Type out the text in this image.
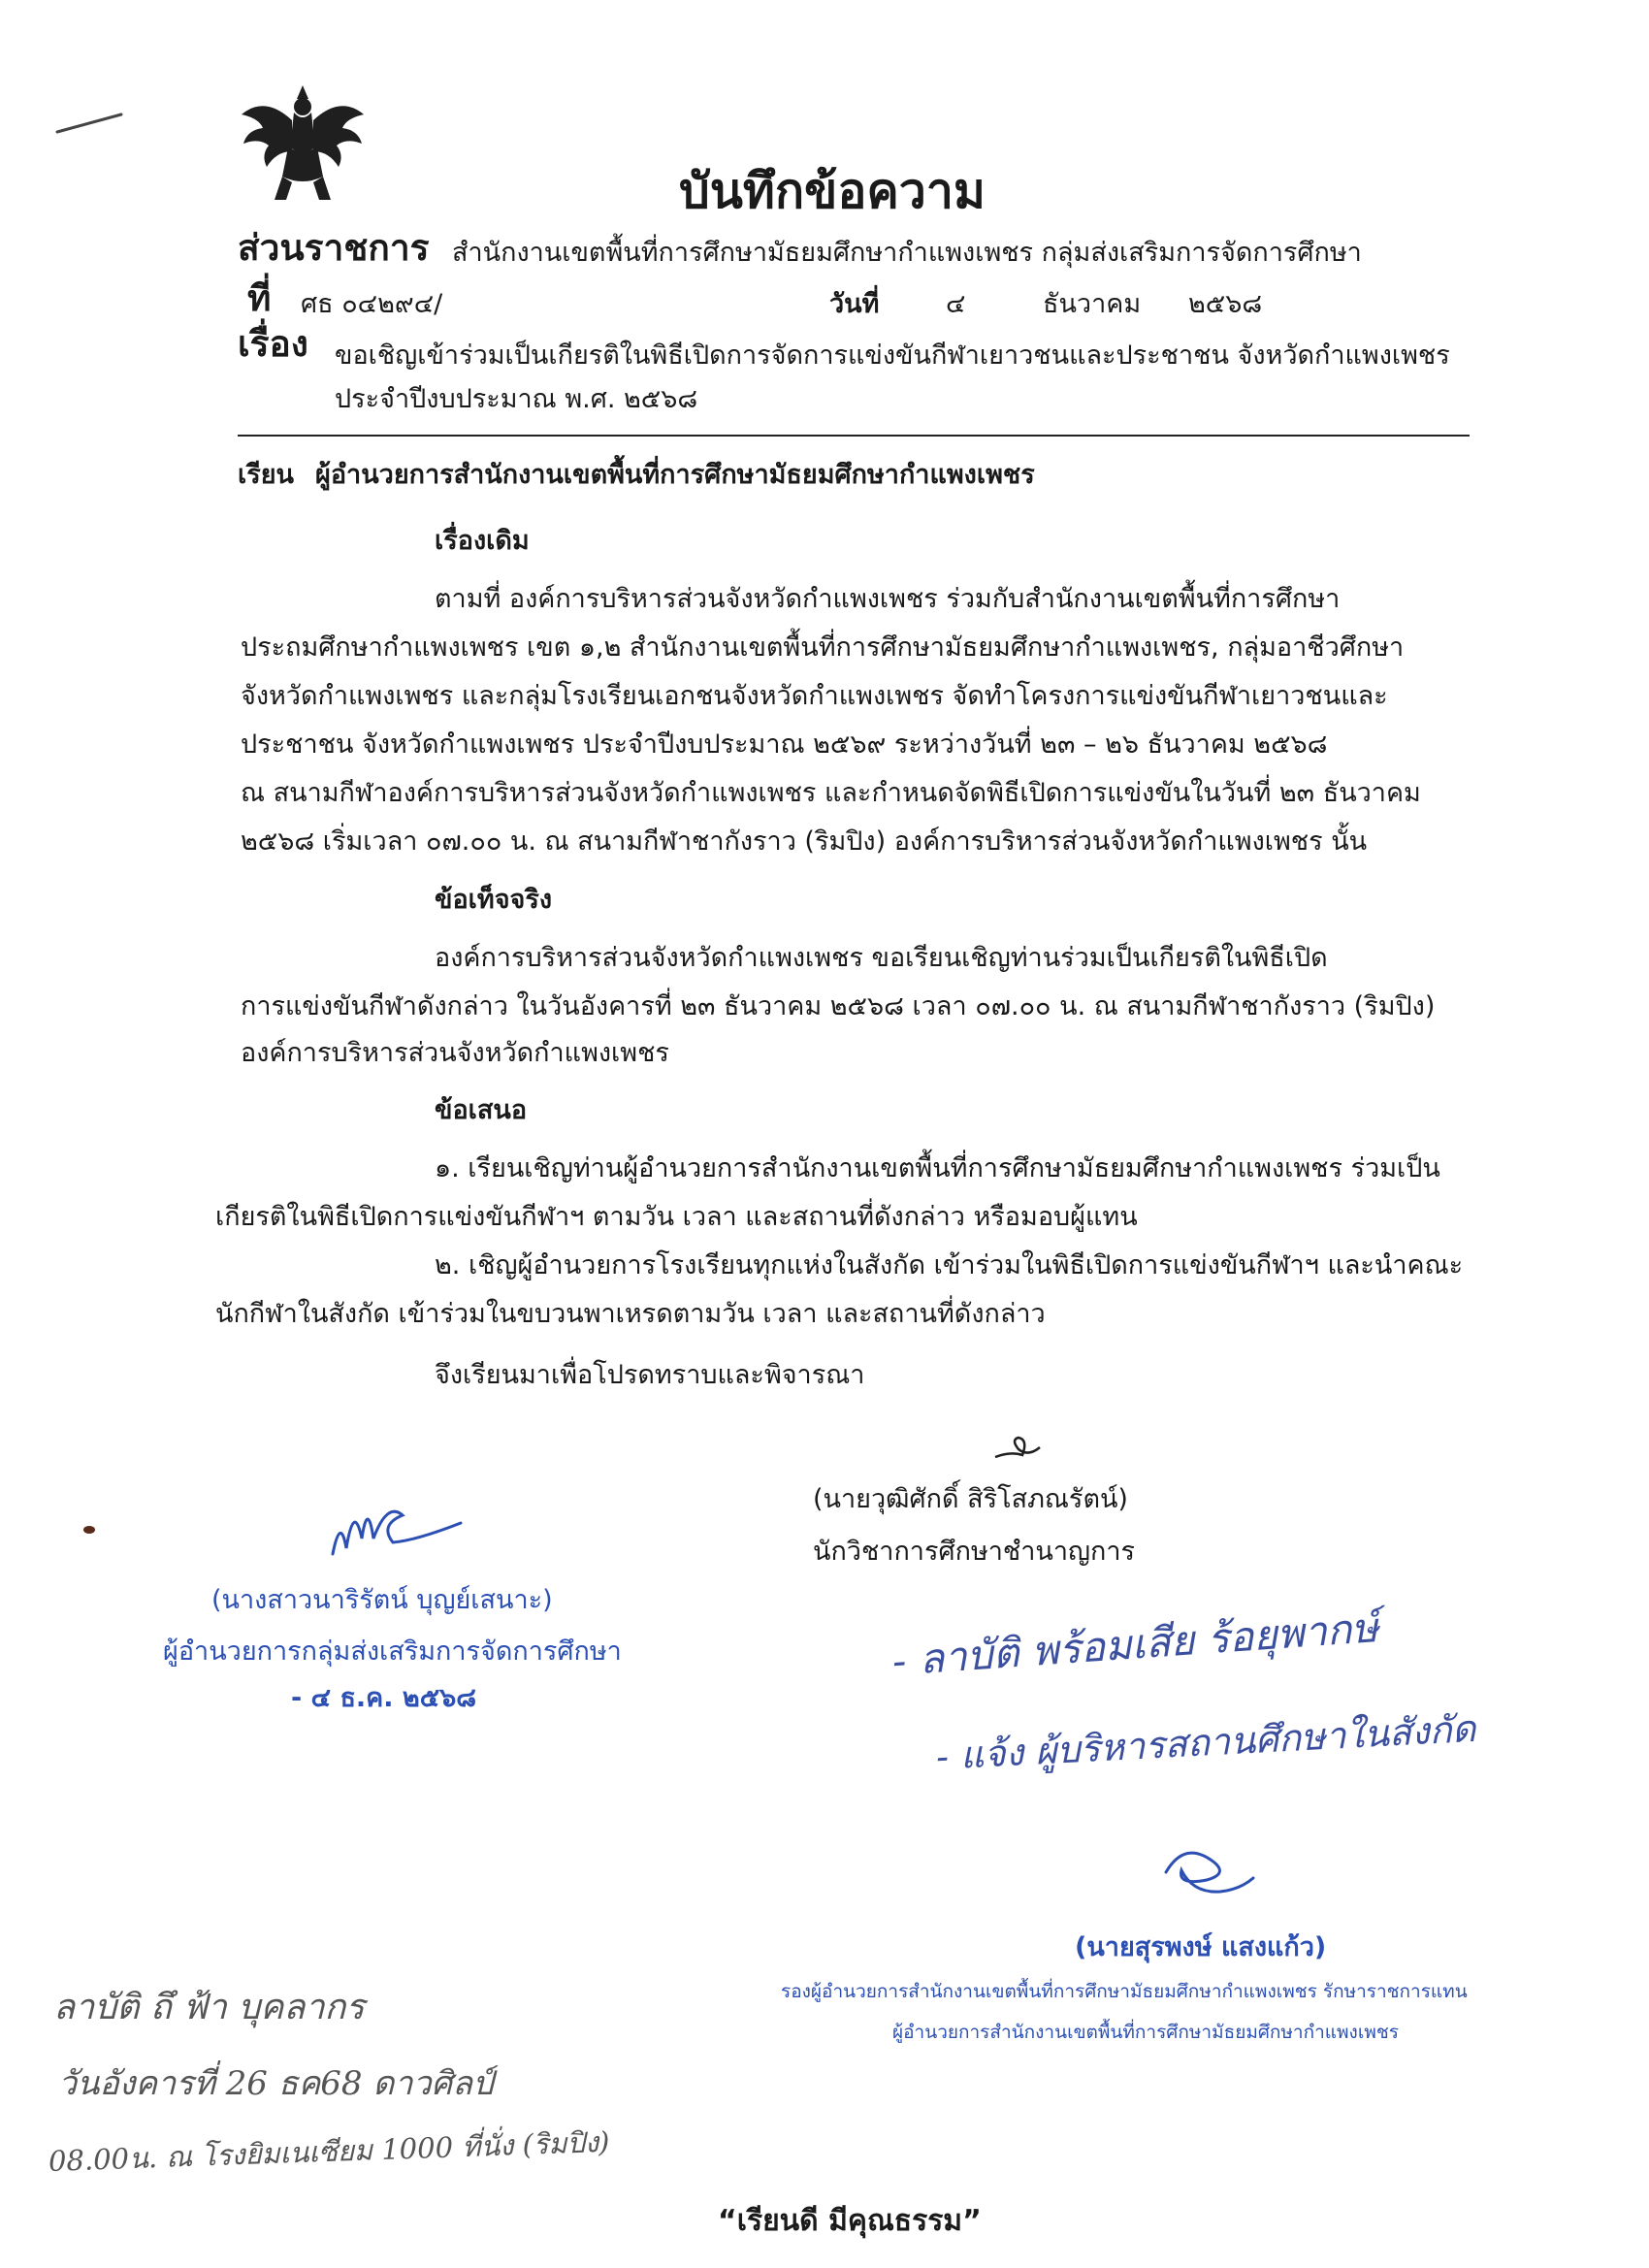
บันทึกข้อความ
ส่วนราชการ สำนักงานเขตพื้นที่การศึกษามัธยมศึกษากำแพงเพชร กลุ่มส่งเสริมการจัดการศึกษา
ที่ ศธ ๐๔๒๙๔/	วันที่	๔	ธันวาคม ๒๕๖๘
เรื่อง ขอเชิญเข้าร่วมเป็นเกียรติในพิธีเปิดการจัดการแข่งขันกีฬาเยาวชนและประชาชน จังหวัดกำแพงเพชร
ประจำปีงบประมาณ พ.ศ. ๒๕๖๘
เรียน ผู้อำนวยการสำนักงานเขตพื้นที่การศึกษามัธยมศึกษากำแพงเพชร
เรื่องเดิม
ตามที่ องค์การบริหารส่วนจังหวัดกำแพงเพชร ร่วมกับสำนักงานเขตพื้นที่การศึกษา
ประถมศึกษากำแพงเพชร เขต ๑,๒ สำนักงานเขตพื้นที่การศึกษามัธยมศึกษากำแพงเพชร, กลุ่มอาชีวศึกษา
จังหวัดกำแพงเพชร และกลุ่มโรงเรียนเอกชนจังหวัดกำแพงเพชร จัดทำโครงการแข่งขันกีฬาเยาวชนและ
ประชาชน จังหวัดกำแพงเพชร ประจำปีงบประมาณ ๒๕๖๙ ระหว่างวันที่ ๒๓ – ๒๖ ธันวาคม ๒๕๖๘
ณ สนามกีฬาองค์การบริหารส่วนจังหวัดกำแพงเพชร และกำหนดจัดพิธีเปิดการแข่งขันในวันที่ ๒๓ ธันวาคม
๒๕๖๘ เริ่มเวลา ๐๗.๐๐ น. ณ สนามกีฬาชากังราว (ริมปิง) องค์การบริหารส่วนจังหวัดกำแพงเพชร นั้น
ข้อเท็จจริง
องค์การบริหารส่วนจังหวัดกำแพงเพชร ขอเรียนเชิญท่านร่วมเป็นเกียรติในพิธีเปิด
การแข่งขันกีฬาดังกล่าว ในวันอังคารที่ ๒๓ ธันวาคม ๒๕๖๘ เวลา ๐๗.๐๐ น. ณ สนามกีฬาชากังราว (ริมปิง)
องค์การบริหารส่วนจังหวัดกำแพงเพชร
ข้อเสนอ
๑. เรียนเชิญท่านผู้อำนวยการสำนักงานเขตพื้นที่การศึกษามัธยมศึกษากำแพงเพชร ร่วมเป็น
เกียรติในพิธีเปิดการแข่งขันกีฬาฯ ตามวัน เวลา และสถานที่ดังกล่าว หรือมอบผู้แทน
๒. เชิญผู้อำนวยการโรงเรียนทุกแห่งในสังกัด เข้าร่วมในพิธีเปิดการแข่งขันกีฬาฯ และนำคณะ
นักกีฬาในสังกัด เข้าร่วมในขบวนพาเหรดตามวัน เวลา และสถานที่ดังกล่าว
จึงเรียนมาเพื่อโปรดทราบและพิจารณา
(นายวุฒิศักดิ์ สิริโสภณรัตน์)
นักวิชาการศึกษาชำนาญการ
(นางสาวนาริรัตน์ บุญย์เสนาะ)
ผู้อำนวยการกลุ่มส่งเสริมการจัดการศึกษา
- ๔ ธ.ค. ๒๕๖๘
- ลาบัติ พร้อมเสีย ร้อยุพากษ์
- แจ้ง ผู้บริหารสถานศึกษาในสังกัด
(นายสุรพงษ์ แสงแก้ว)
รองผู้อำนวยการสำนักงานเขตพื้นที่การศึกษามัธยมศึกษากำแพงเพชร รักษาราชการแทน
ผู้อำนวยการสำนักงานเขตพื้นที่การศึกษามัธยมศึกษากำแพงเพชร
ลาบัติ ถึ ฟ้า บุคลากร
วันอังคารที่ 26 ธค68 ดาวศิลป์
08.00น. ณ โรงยิมเนเซียม 1000 ที่นั่ง (ริมปิง)
“เรียนดี มีคุณธรรม”
